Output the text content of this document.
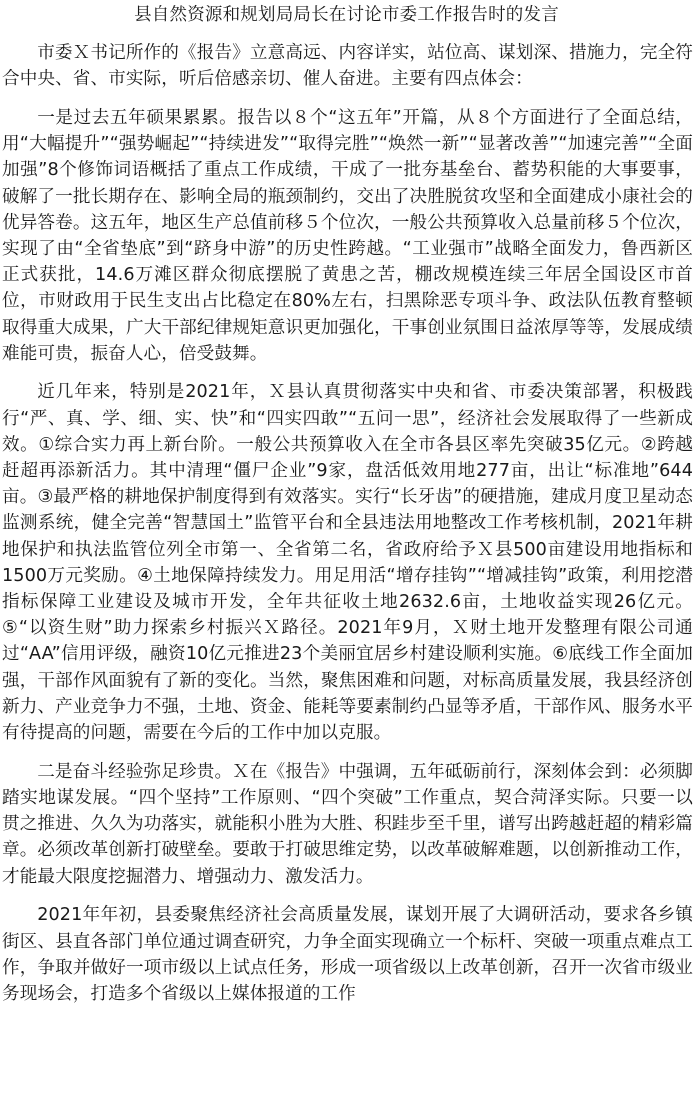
县自然资源和规划局局长在讨论市委工作报告时的发言

市委Ｘ书记所作的《报告》立意高远、内容详实，站位高、谋划深、措施力，完全符合中央、省、市实际，听后倍感亲切、催人奋进。主要有四点体会：

一是过去五年硕果累累。报告以８个“这五年”开篇，从８个方面进行了全面总结，用“大幅提升”“强势崛起”“持续进发”“取得完胜”“焕然一新”“显著改善”“加速完善”“全面加强”8个修饰词语概括了重点工作成绩，干成了一批夯基垒台、蓄势积能的大事要事，破解了一批长期存在、影响全局的瓶颈制约，交出了决胜脱贫攻坚和全面建成小康社会的优异答卷。这五年，地区生产总值前移５个位次，一般公共预算收入总量前移５个位次，实现了由“全省垫底”到“跻身中游”的历史性跨越。“工业强市”战略全面发力，鲁西新区正式获批，14.6万滩区群众彻底摆脱了黄患之苦，棚改规模连续三年居全国设区市首位，市财政用于民生支出占比稳定在80%左右，扫黑除恶专项斗争、政法队伍教育整顿取得重大成果，广大干部纪律规矩意识更加强化，干事创业氛围日益浓厚等等，发展成绩难能可贵，振奋人心，倍受鼓舞。

近几年来，特别是2021年，Ｘ县认真贯彻落实中央和省、市委决策部署，积极践行“严、真、学、细、实、快”和“四实四敢”“五问一思”，经济社会发展取得了一些新成效。①综合实力再上新台阶。一般公共预算收入在全市各县区率先突破35亿元。②跨越赶超再添新活力。其中清理“僵尸企业”9家，盘活低效用地277亩，出让“标准地”644亩。③最严格的耕地保护制度得到有效落实。实行“长牙齿”的硬措施，建成月度卫星动态监测系统，健全完善“智慧国土”监管平台和全县违法用地整改工作考核机制，2021年耕地保护和执法监管位列全市第一、全省第二名，省政府给予Ｘ县500亩建设用地指标和1500万元奖励。④土地保障持续发力。用足用活“增存挂钩”“增减挂钩”政策，利用挖潜指标保障工业建设及城市开发，全年共征收土地2632.6亩，土地收益实现26亿元。⑤“以资生财”助力探索乡村振兴Ｘ路径。2021年9月，Ｘ财土地开发整理有限公司通过“AA”信用评级，融资10亿元推进23个美丽宜居乡村建设顺利实施。⑥底线工作全面加强，干部作风面貌有了新的变化。当然，聚焦困难和问题，对标高质量发展，我县经济创新力、产业竞争力不强，土地、资金、能耗等要素制约凸显等矛盾，干部作风、服务水平有待提高的问题，需要在今后的工作中加以克服。

二是奋斗经验弥足珍贵。Ｘ在《报告》中强调，五年砥砺前行，深刻体会到：必须脚踏实地谋发展。“四个坚持”工作原则、“四个突破”工作重点，契合菏泽实际。只要一以贯之推进、久久为功落实，就能积小胜为大胜、积跬步至千里，谱写出跨越赶超的精彩篇章。必须改革创新打破壁垒。要敢于打破思维定势，以改革破解难题，以创新推动工作，才能最大限度挖掘潜力、增强动力、激发活力。

2021年年初，县委聚焦经济社会高质量发展，谋划开展了大调研活动，要求各乡镇街区、县直各部门单位通过调查研究，力争全面实现确立一个标杆、突破一项重点难点工作，争取并做好一项市级以上试点任务，形成一项省级以上改革创新，召开一次省市级业务现场会，打造多个省级以上媒体报道的工作
